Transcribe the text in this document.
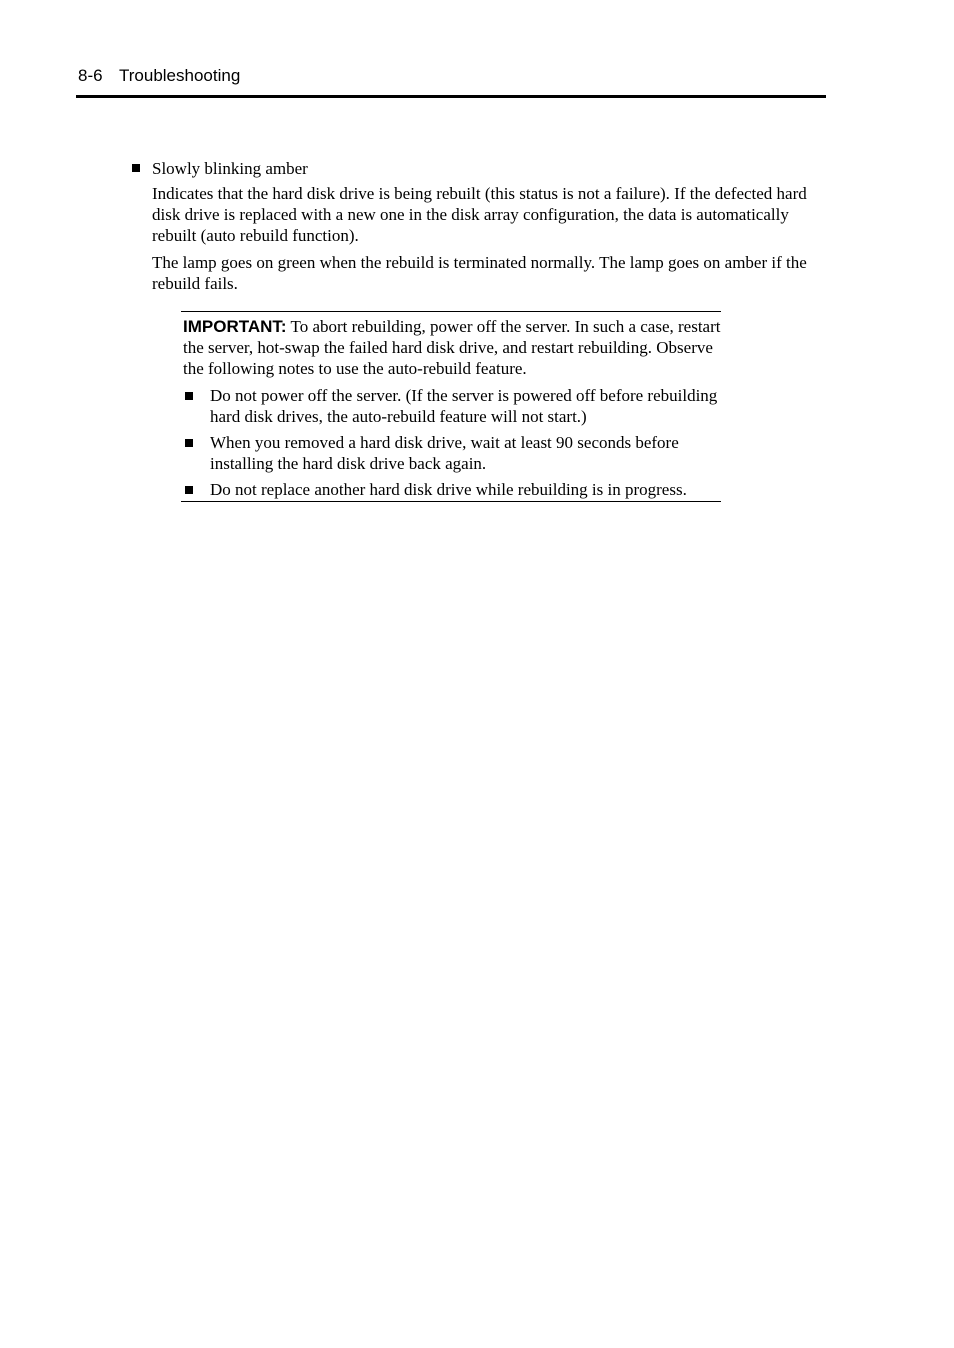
8-6 Troubleshooting
Slowly blinking amber

Indicates that the hard disk drive is being rebuilt (this status is not a failure). If the defected hard disk drive is replaced with a new one in the disk array configuration, the data is automatically rebuilt (auto rebuild function).

The lamp goes on green when the rebuild is terminated normally. The lamp goes on amber if the rebuild fails.

IMPORTANT: To abort rebuilding, power off the server. In such a case, restart the server, hot-swap the failed hard disk drive, and restart rebuilding. Observe the following notes to use the auto-rebuild feature.

Do not power off the server. (If the server is powered off before rebuilding hard disk drives, the auto-rebuild feature will not start.)
When you removed a hard disk drive, wait at least 90 seconds before installing the hard disk drive back again.
Do not replace another hard disk drive while rebuilding is in progress.
